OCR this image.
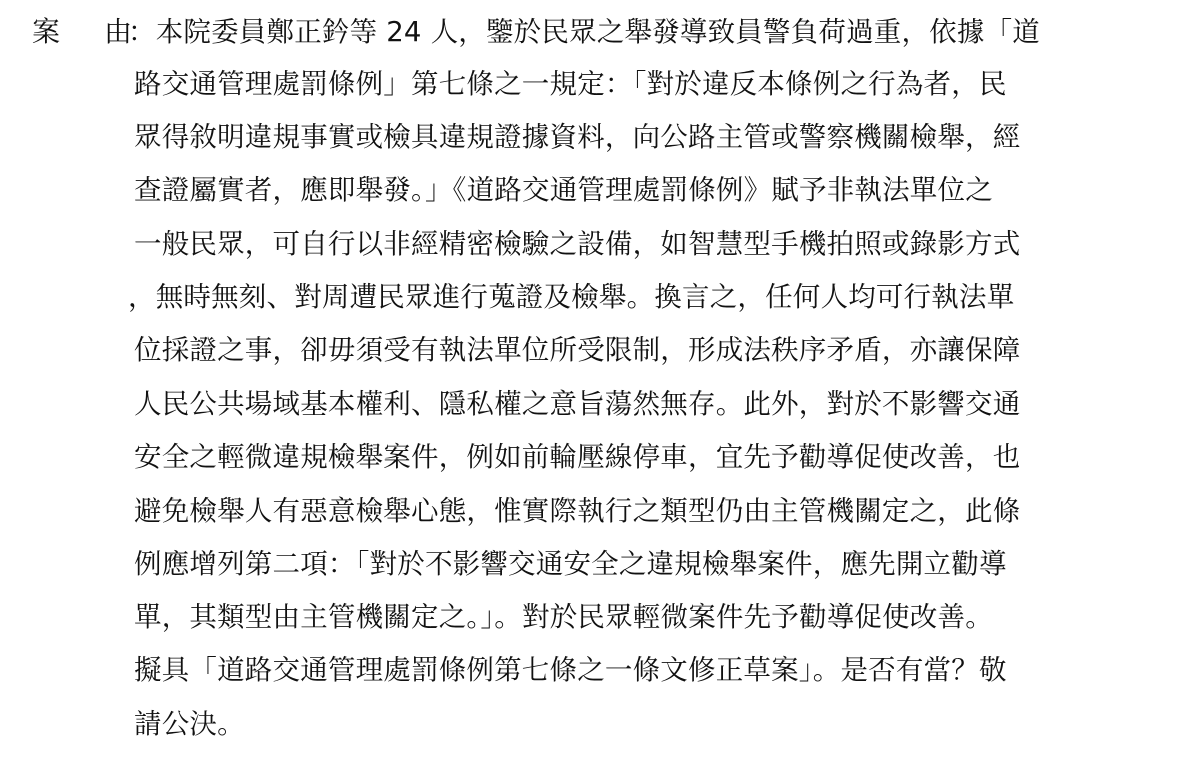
案 由
：本院委員鄭正鈐等 24 人，鑒於民眾之舉發導致員警負荷過重，依據「道
路交通管理處罰條例」第七條之一規定：「對於違反本條例之行為者，民
眾得敘明違規事實或檢具違規證據資料，向公路主管或警察機關檢舉，經
查證屬實者，應即舉發。」《道路交通管理處罰條例》賦予非執法單位之
一般民眾，可自行以非經精密檢驗之設備，如智慧型手機拍照或錄影方式
，無時無刻、對周遭民眾進行蒐證及檢舉。換言之，任何人均可行執法單
位採證之事，卻毋須受有執法單位所受限制，形成法秩序矛盾，亦讓保障
人民公共場域基本權利、隱私權之意旨蕩然無存。此外，對於不影響交通
安全之輕微違規檢舉案件，例如前輪壓線停車，宜先予勸導促使改善，也
避免檢舉人有惡意檢舉心態，惟實際執行之類型仍由主管機關定之，此條
例應增列第二項：「對於不影響交通安全之違規檢舉案件，應先開立勸導
單，其類型由主管機關定之。」。對於民眾輕微案件先予勸導促使改善。
擬具「道路交通管理處罰條例第七條之一條文修正草案」。是否有當？敬
請公決。
